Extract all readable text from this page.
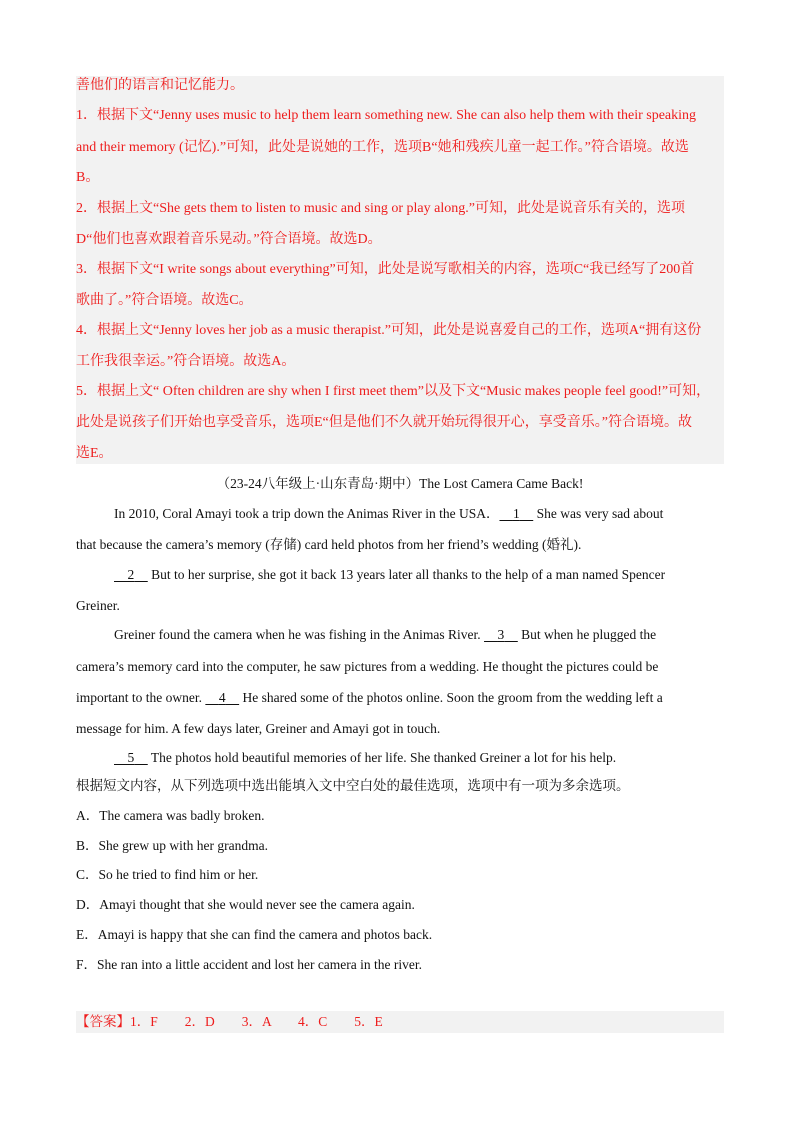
善他们的语言和记忆能力。
1．根据下文“Jenny uses music to help them learn something new. She can also help them with their speaking
and their memory (记忆).”可知，此处是说她的工作，选项B“她和残疾儿童一起工作。”符合语境。故选
B。
2．根据上文“She gets them to listen to music and sing or play along.”可知，此处是说音乐有关的，选项
D“他们也喜欢跟着音乐晃动。”符合语境。故选D。
3．根据下文“I write songs about everything”可知，此处是说写歌相关的内容，选项C“我已经写了200首
歌曲了。”符合语境。故选C。
4．根据上文“Jenny loves her job as a music therapist.”可知，此处是说喜爱自己的工作，选项A“拥有这份
工作我很幸运。”符合语境。故选A。
5．根据上文“ Often children are shy when I first meet them”以及下文“Music makes people feel good!”可知，
此处是说孩子们开始也享受音乐，选项E“但是他们不久就开始玩得很开心，享受音乐。”符合语境。故
选E。
（23-24八年级上·山东青岛·期中）The Lost Camera Came Back!
In 2010, Coral Amayi took a trip down the Animas River in the USA． 1 She was very sad about
that because the camera’s memory (存储) card held photos from her friend’s wedding (婚礼).
2 But to her surprise, she got it back 13 years later all thanks to the help of a man named Spencer
Greiner.
Greiner found the camera when he was fishing in the Animas River. 3 But when he plugged the
camera’s memory card into the computer, he saw pictures from a wedding. He thought the pictures could be
important to the owner. 4 He shared some of the photos online. Soon the groom from the wedding left a
message for him. A few days later, Greiner and Amayi got in touch.
5 The photos hold beautiful memories of her life. She thanked Greiner a lot for his help.
根据短文内容，从下列选项中选出能填入文中空白处的最佳选项，选项中有一项为多余选项。
A．The camera was badly broken.
B．She grew up with her grandma.
C．So he tried to find him or her.
D．Amayi thought that she would never see the camera again.
E．Amayi is happy that she can find the camera and photos back.
F．She ran into a little accident and lost her camera in the river.
【答案】1．F　　2．D　　3．A　　4．C　　5．E
